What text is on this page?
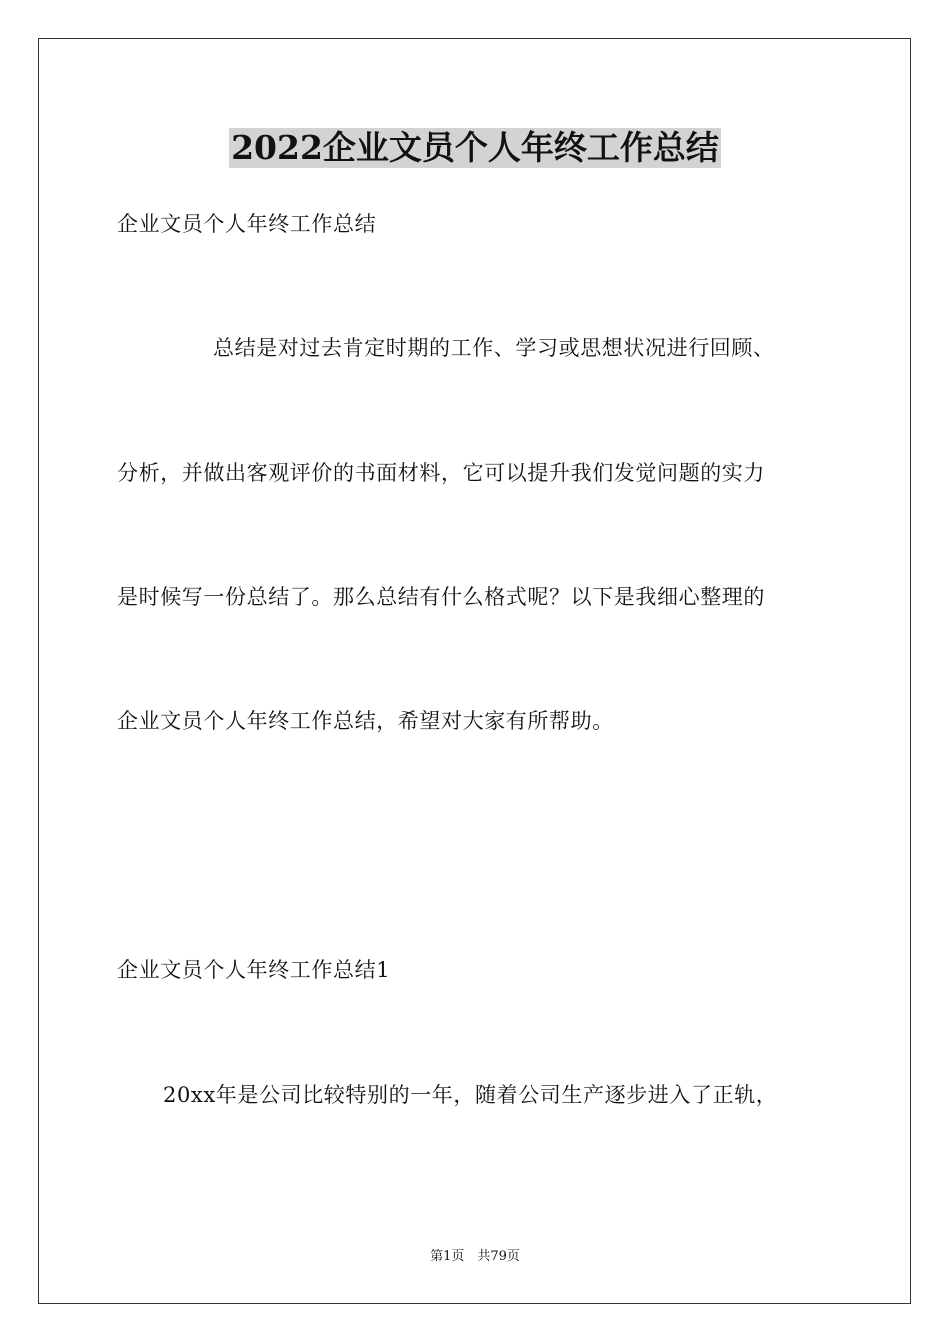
2022企业文员个人年终工作总结
企业文员个人年终工作总结
总结是对过去肯定时期的工作、学习或思想状况进行回顾、
分析，并做出客观评价的书面材料，它可以提升我们发觉问题的实力
是时候写一份总结了。那么总结有什么格式呢？以下是我细心整理的
企业文员个人年终工作总结，希望对大家有所帮助。
企业文员个人年终工作总结1
20xx年是公司比较特别的一年，随着公司生产逐步进入了正轨，
第1页　共79页
